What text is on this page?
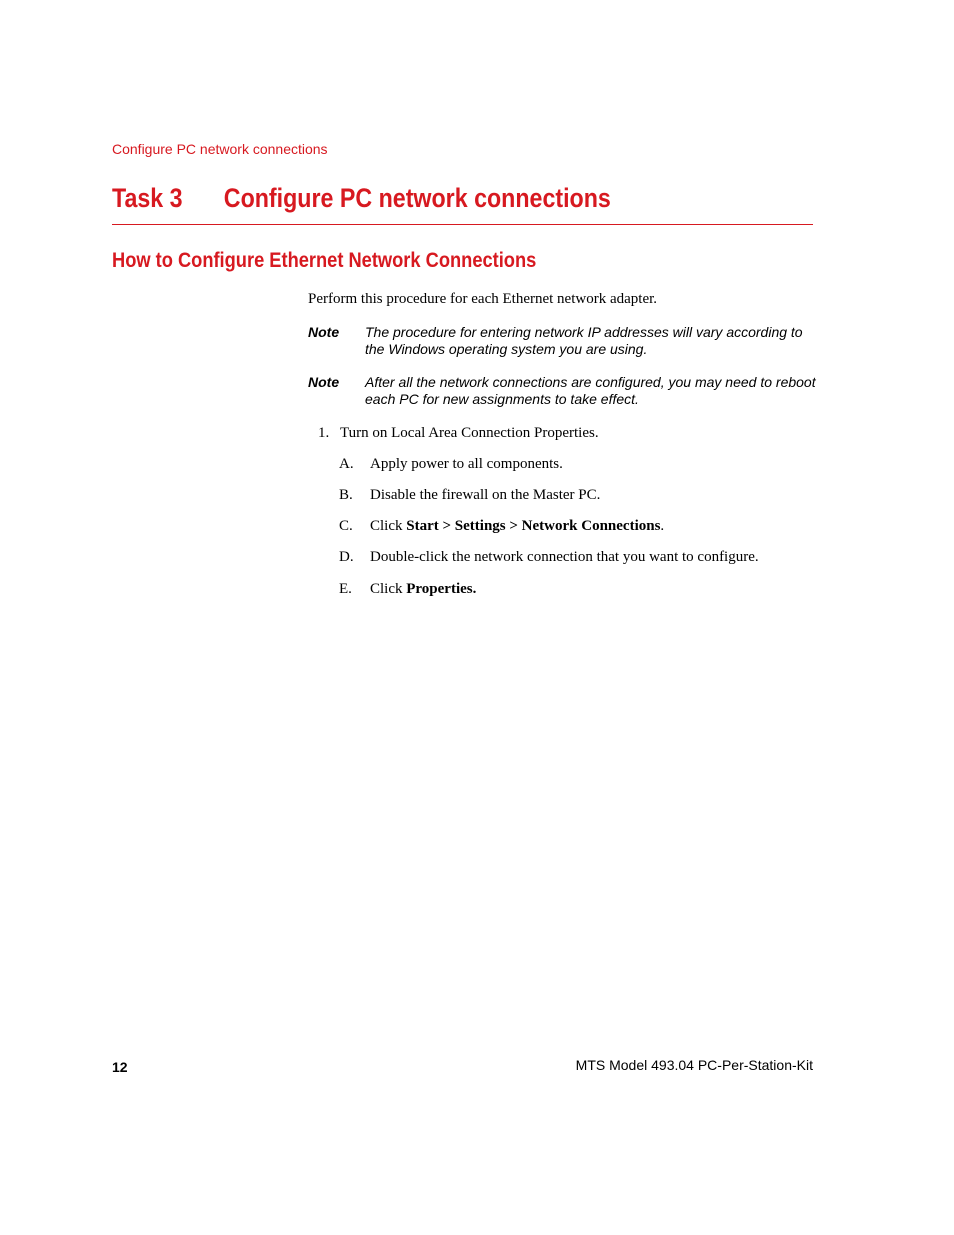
Configure PC network connections
Task 3 Configure PC network connections
How to Configure Ethernet Network Connections
Perform this procedure for each Ethernet network adapter.
Note The procedure for entering network IP addresses will vary according to the Windows operating system you are using.
Note After all the network connections are configured, you may need to reboot each PC for new assignments to take effect.
1. Turn on Local Area Connection Properties.
A. Apply power to all components.
B. Disable the firewall on the Master PC.
C. Click Start > Settings > Network Connections.
D. Double-click the network connection that you want to configure.
E. Click Properties.
12	MTS Model 493.04 PC-Per-Station-Kit
